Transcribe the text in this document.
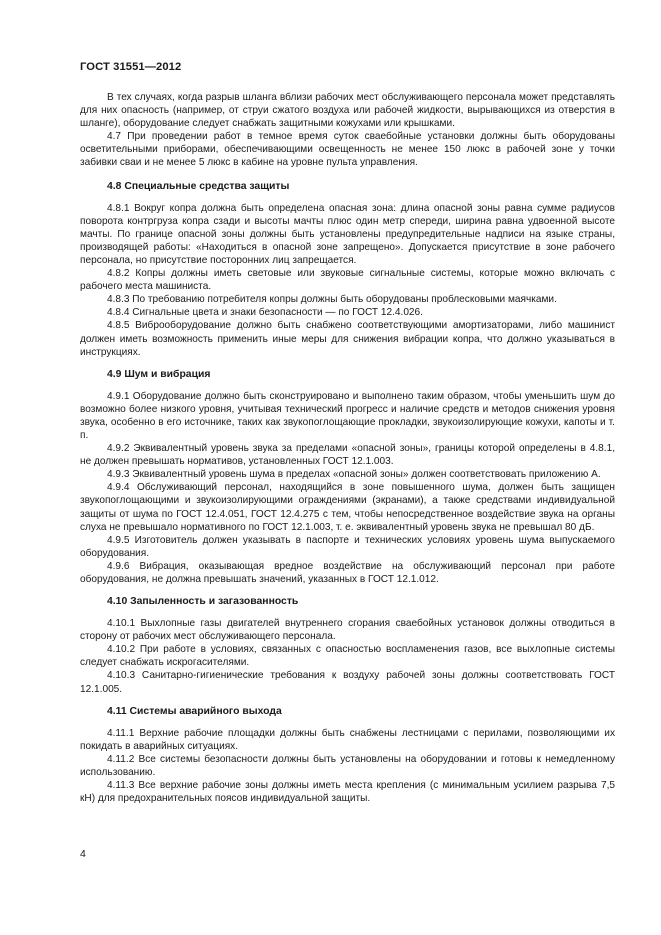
ГОСТ 31551—2012

В тех случаях, когда разрыв шланга вблизи рабочих мест обслуживающего персонала может представлять для них опасность (например, от струи сжатого воздуха или рабочей жидкости, вырывающихся из отверстия в шланге), оборудование следует снабжать защитными кожухами или крышками.

4.7 При проведении работ в темное время суток сваебойные установки должны быть оборудованы осветительными приборами, обеспечивающими освещенность не менее 150 люкс в рабочей зоне у точки забивки сваи и не менее 5 люкс в кабине на уровне пульта управления.

4.8 Специальные средства защиты

4.8.1 Вокруг копра должна быть определена опасная зона: длина опасной зоны равна сумме радиусов поворота контргруза копра сзади и высоты мачты плюс один метр спереди, ширина равна удвоенной высоте мачты. По границе опасной зоны должны быть установлены предупредительные надписи на языке страны, производящей работы: «Находиться в опасной зоне запрещено». Допускается присутствие в зоне рабочего персонала, но присутствие посторонних лиц запрещается.

4.8.2 Копры должны иметь световые или звуковые сигнальные системы, которые можно включать с рабочего места машиниста.

4.8.3 По требованию потребителя копры должны быть оборудованы проблесковыми маячками.

4.8.4 Сигнальные цвета и знаки безопасности — по ГОСТ 12.4.026.

4.8.5 Виброоборудование должно быть снабжено соответствующими амортизаторами, либо машинист должен иметь возможность применить иные меры для снижения вибрации копра, что должно указываться в инструкциях.

4.9 Шум и вибрация

4.9.1 Оборудование должно быть сконструировано и выполнено таким образом, чтобы уменьшить шум до возможно более низкого уровня, учитывая технический прогресс и наличие средств и методов снижения уровня звука, особенно в его источнике, таких как звукопоглощающие прокладки, звукоизолирующие кожухи, капоты и т. п.

4.9.2 Эквивалентный уровень звука за пределами «опасной зоны», границы которой определены в 4.8.1, не должен превышать нормативов, установленных ГОСТ 12.1.003.

4.9.3 Эквивалентный уровень шума в пределах «опасной зоны» должен соответствовать приложению А.

4.9.4 Обслуживающий персонал, находящийся в зоне повышенного шума, должен быть защищен звукопоглощающими и звукоизолирующими ограждениями (экранами), а также средствами индивидуальной защиты от шума по ГОСТ 12.4.051, ГОСТ 12.4.275 с тем, чтобы непосредственное воздействие звука на органы слуха не превышало нормативного по ГОСТ 12.1.003, т. е. эквивалентный уровень звука не превышал 80 дБ.

4.9.5 Изготовитель должен указывать в паспорте и технических условиях уровень шума выпускаемого оборудования.

4.9.6 Вибрация, оказывающая вредное воздействие на обслуживающий персонал при работе оборудования, не должна превышать значений, указанных в ГОСТ 12.1.012.

4.10 Запыленность и загазованность

4.10.1 Выхлопные газы двигателей внутреннего сгорания сваебойных установок должны отводиться в сторону от рабочих мест обслуживающего персонала.

4.10.2 При работе в условиях, связанных с опасностью воспламенения газов, все выхлопные системы следует снабжать искрогасителями.

4.10.3 Санитарно-гигиенические требования к воздуху рабочей зоны должны соответствовать ГОСТ 12.1.005.

4.11 Системы аварийного выхода

4.11.1 Верхние рабочие площадки должны быть снабжены лестницами с перилами, позволяющими их покидать в аварийных ситуациях.

4.11.2 Все системы безопасности должны быть установлены на оборудовании и готовы к немедленному использованию.

4.11.3 Все верхние рабочие зоны должны иметь места крепления (с минимальным усилием разрыва 7,5 кН) для предохранительных поясов индивидуальной защиты.

4
